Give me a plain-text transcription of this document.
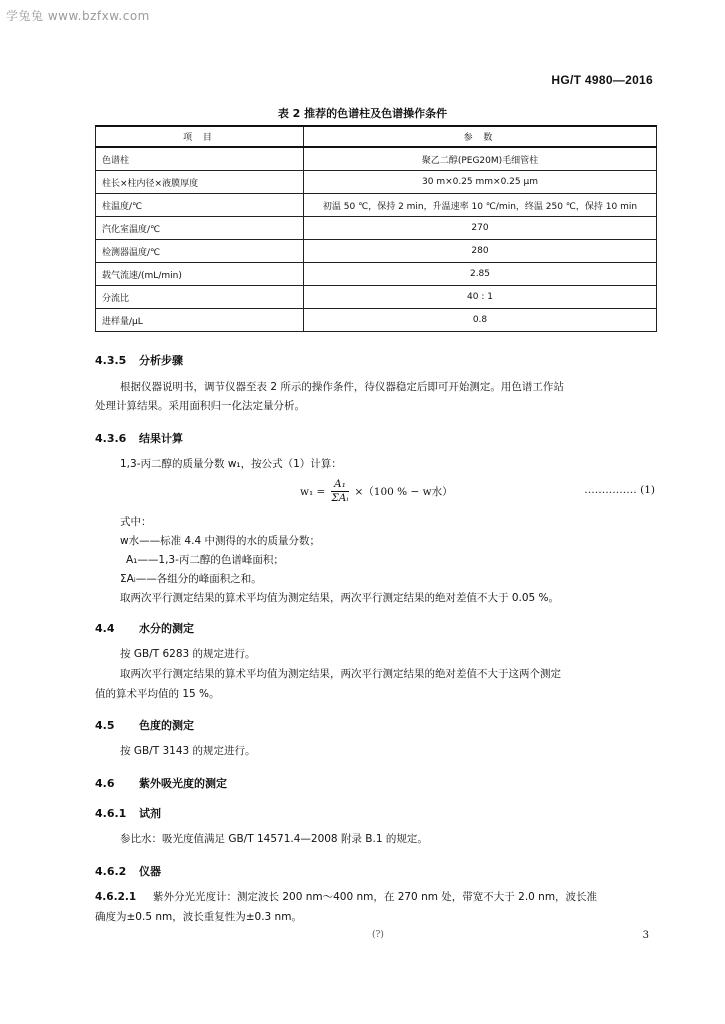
学兔兔 www.bzfxw.com
HG/T 4980—2016
表 2 推荐的色谱柱及色谱操作条件
项 目	参 数
色谱柱	聚乙二醇(PEG20M)毛细管柱
柱长×柱内径×液膜厚度	30 m×0.25 mm×0.25 μm
柱温度/℃	初温 50 ℃，保持 2 min，升温速率 10 ℃/min，终温 250 ℃，保持 10 min
汽化室温度/℃	270
检测器温度/℃	280
载气流速/(mL/min)	2.85
分流比	40 : 1
进样量/μL	0.8
4.3.5 分析步骤
根据仪器说明书，调节仪器至表 2 所示的操作条件，待仪器稳定后即可开始测定。用色谱工作站
处理计算结果。采用面积归一化法定量分析。
4.3.6 结果计算
1,3-丙二醇的质量分数 w₁，按公式（1）计算：
$w_1 = \frac{\text{A₁}}{\text{ΣAᵢ}} \times(100$ % − w水）	…………… (1)
式中：
w水——标准 4.4 中测得的水的质量分数；
A₁——1,3-丙二醇的色谱峰面积；
ΣAᵢ——各组分的峰面积之和。
取两次平行测定结果的算术平均值为测定结果，两次平行测定结果的绝对差值不大于 0.05 %。
4.4 水分的测定
按 GB/T 6283 的规定进行。
取两次平行测定结果的算术平均值为测定结果，两次平行测定结果的绝对差值不大于这两个测定
值的算术平均值的 15 %。
4.5 色度的测定
按 GB/T 3143 的规定进行。
4.6 紫外吸光度的测定
4.6.1 试剂
参比水：吸光度值满足 GB/T 14571.4—2008 附录 B.1 的规定。
4.6.2 仪器
4.6.2.1 紫外分光光度计：测定波长 200 nm～400 nm，在 270 nm 处，带宽不大于 2.0 nm，波长准
确度为±0.5 nm，波长重复性为±0.3 nm。
(?)	3
